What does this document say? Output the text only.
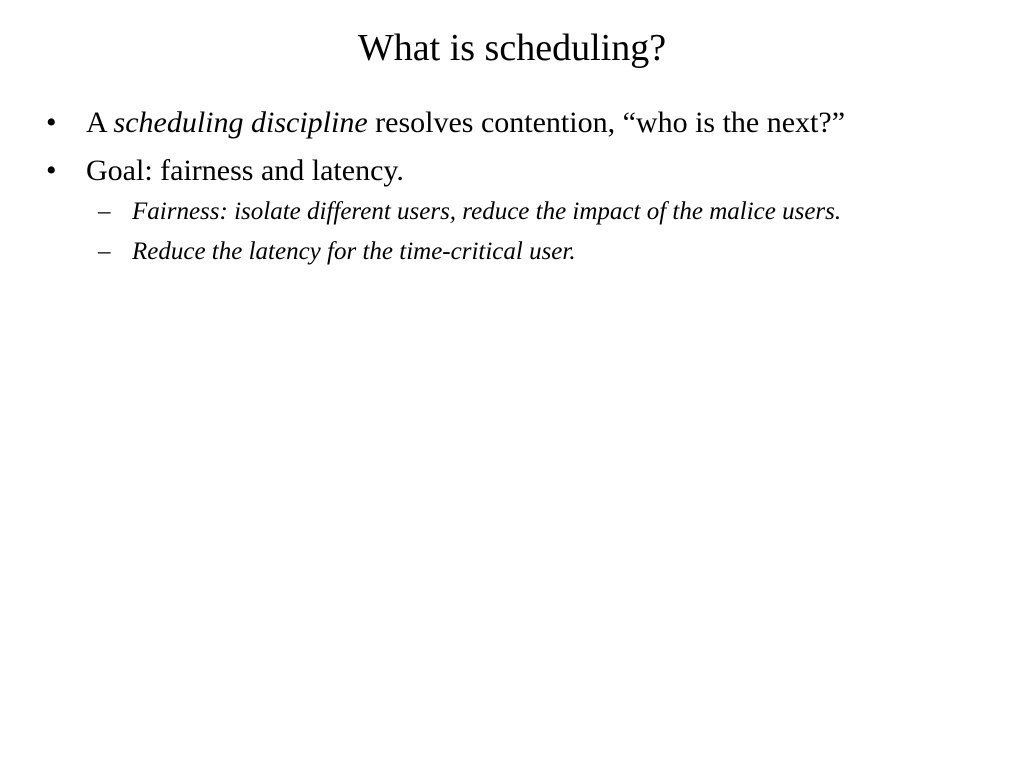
What is scheduling?
• A scheduling discipline resolves contention, “who is the next?”
• Goal: fairness and latency.
– Fairness: isolate different users, reduce the impact of the malice users.
– Reduce the latency for the time-critical user.
